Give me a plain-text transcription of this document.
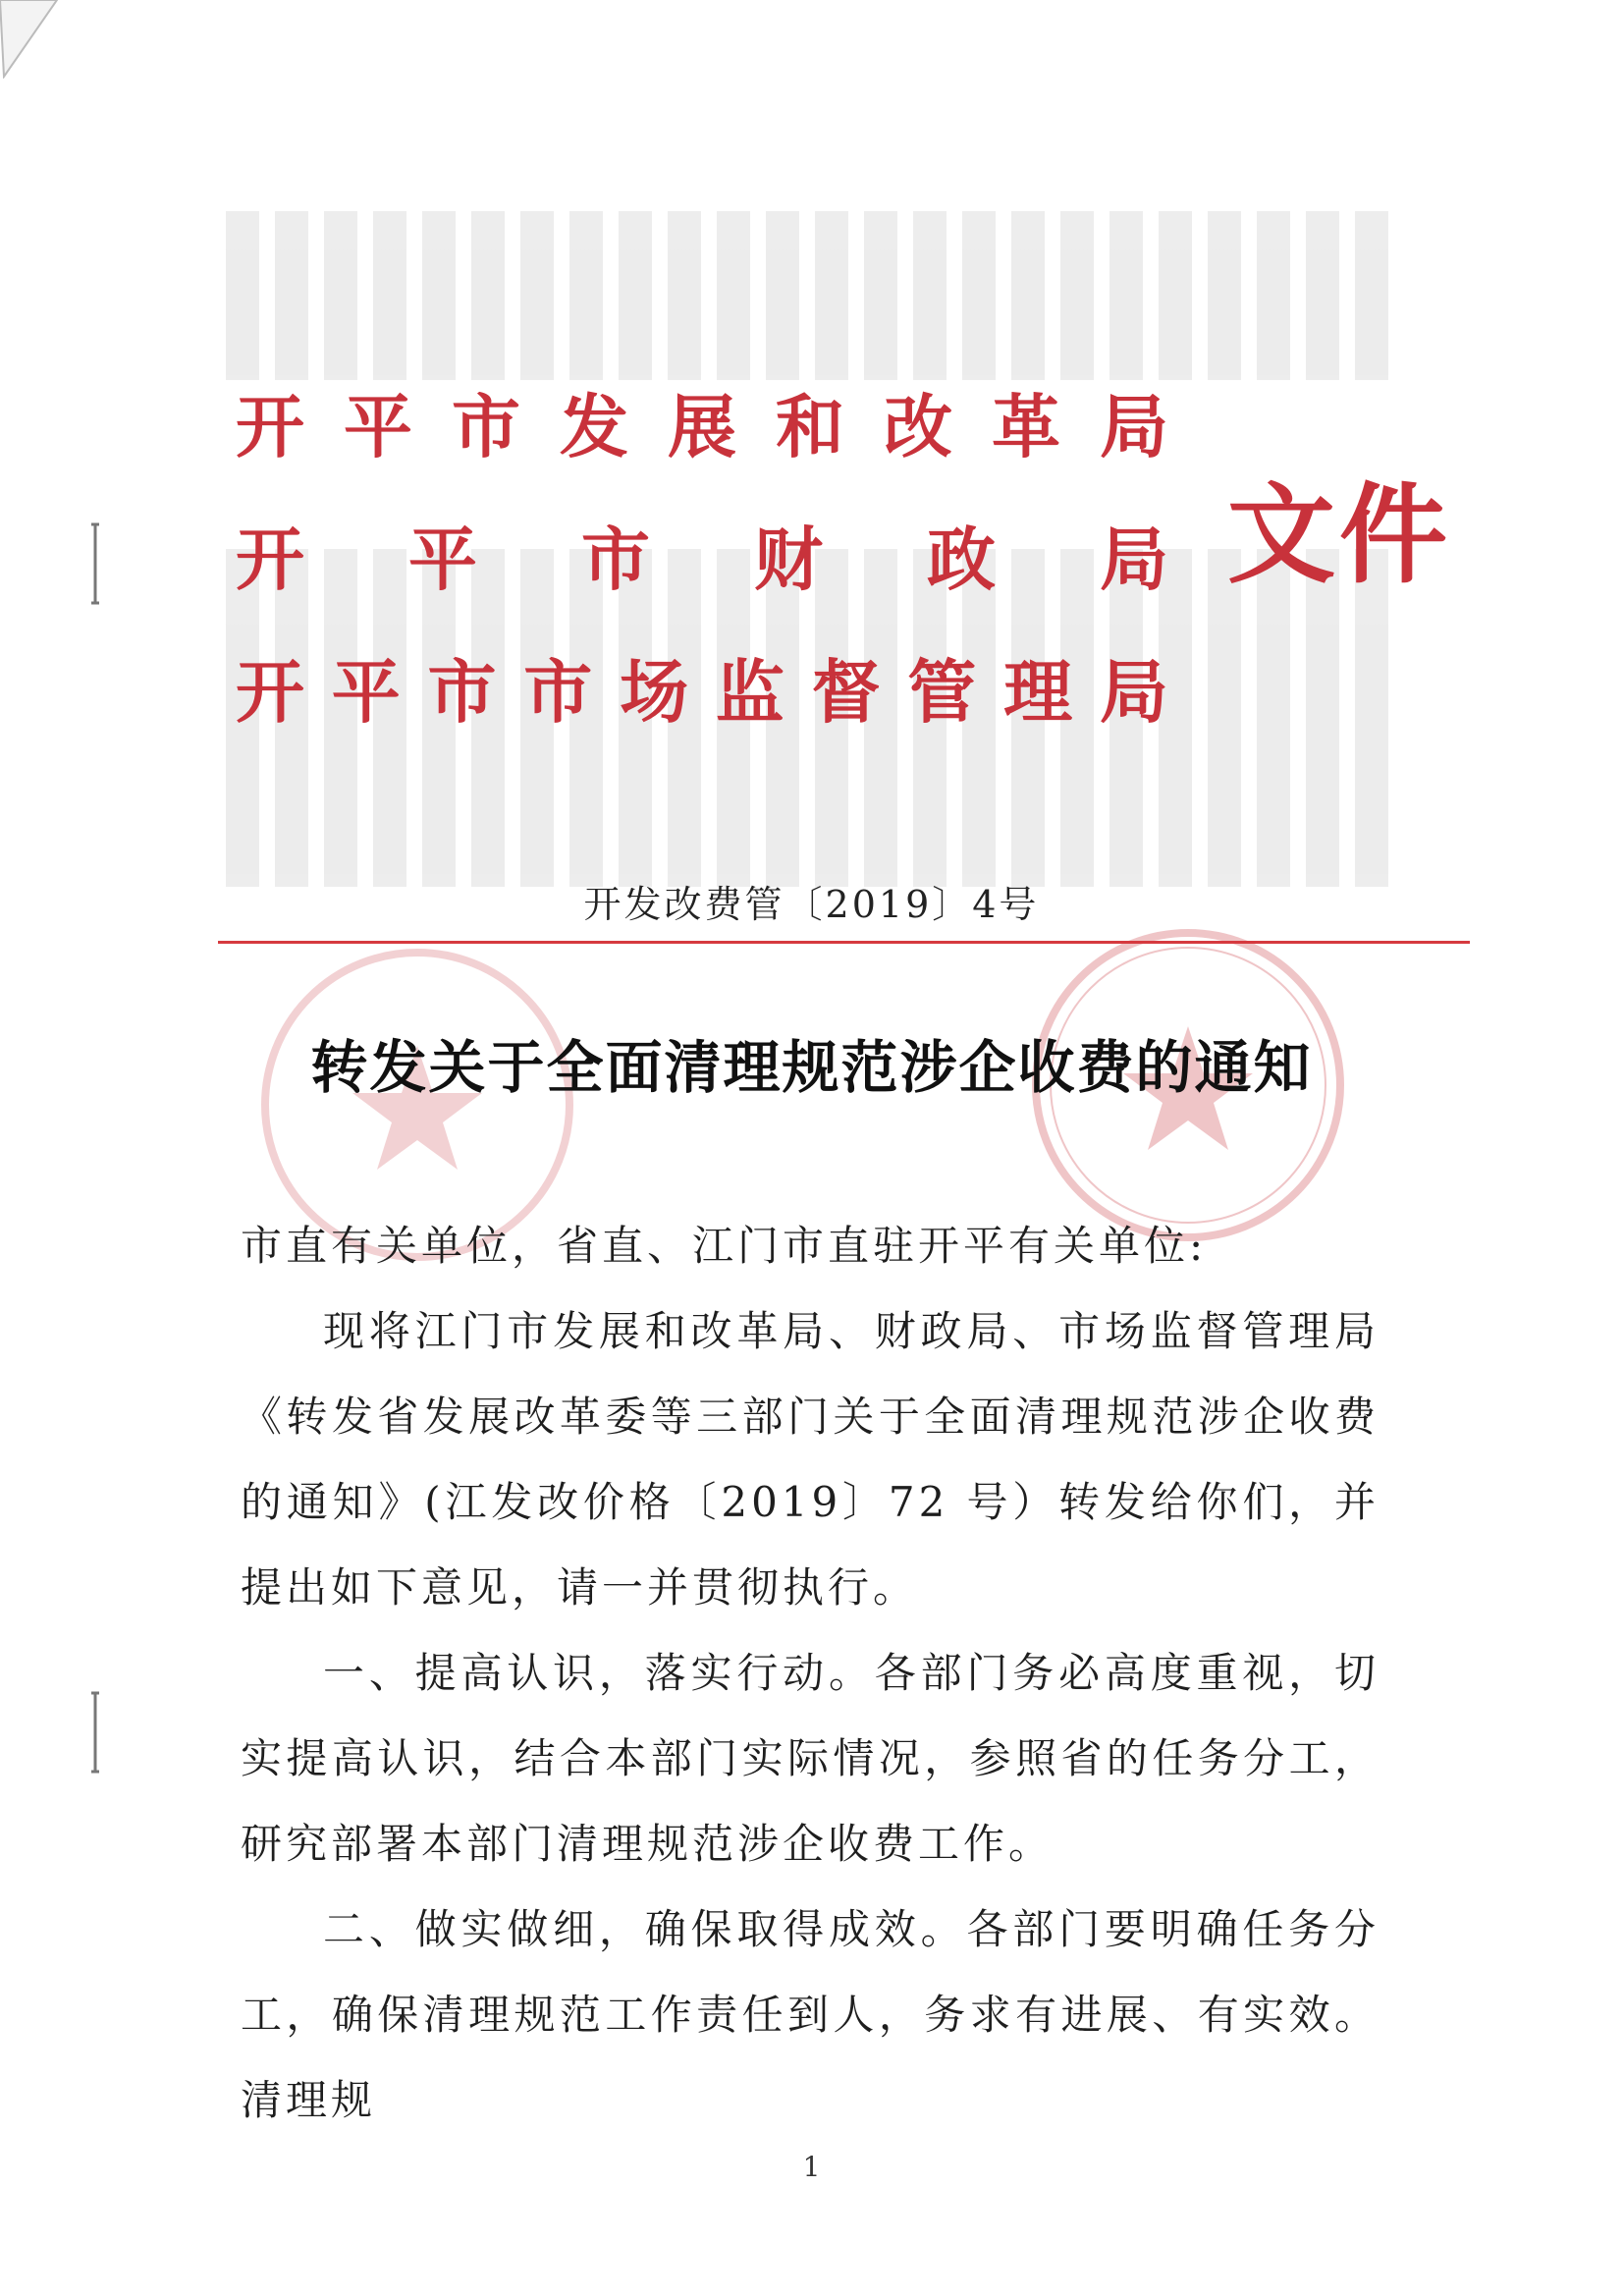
开 平 市 发 展 和 改 革 局
开 平 市 财 政 局
开 平 市 市 场 监 督 管 理 局
文件
开发改费管〔2019〕4号
转发关于全面清理规范涉企收费的通知

市直有关单位，省直、江门市直驻开平有关单位:

现将江门市发展和改革局、财政局、市场监督管理局《转发省发展改革委等三部门关于全面清理规范涉企收费的通知》(江发改价格〔2019〕72 号）转发给你们，并提出如下意见，请一并贯彻执行。

一、提高认识，落实行动。各部门务必高度重视，切实提高认识，结合本部门实际情况，参照省的任务分工，研究部署本部门清理规范涉企收费工作。

二、做实做细，确保取得成效。各部门要明确任务分工，确保清理规范工作责任到人，务求有进展、有实效。清理规

1
